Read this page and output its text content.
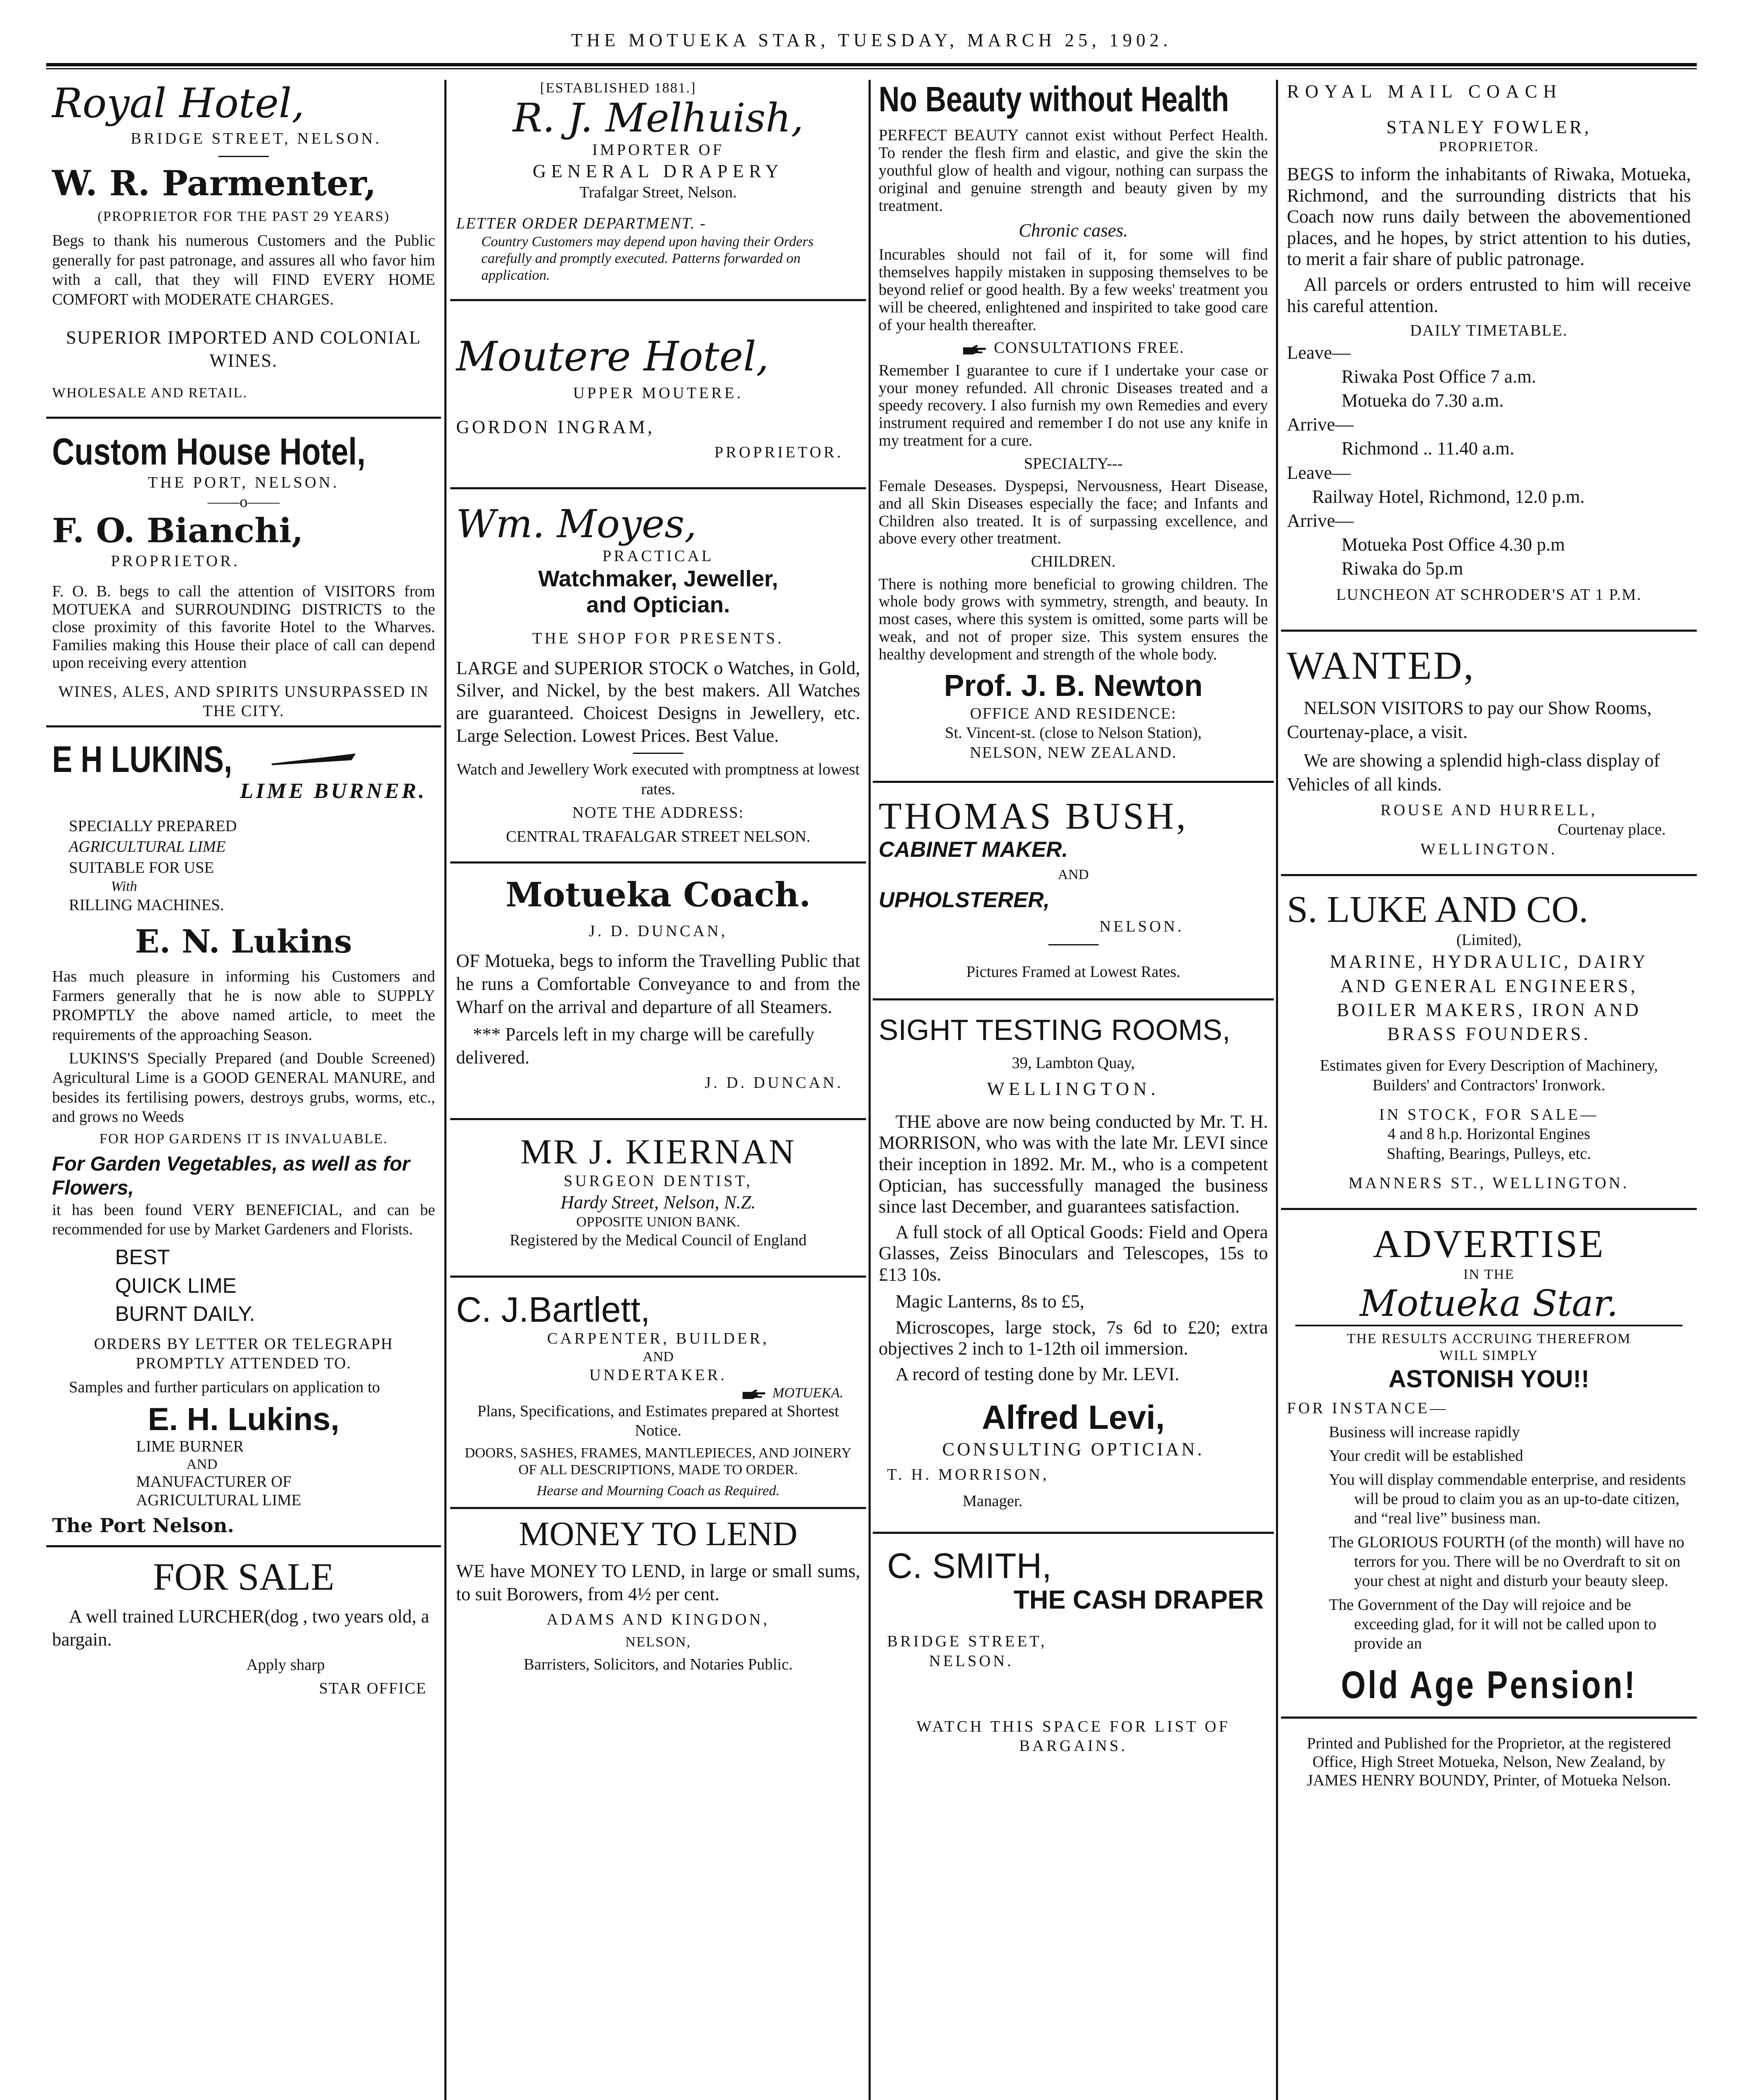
THE MOTUEKA STAR, TUESDAY, MARCH 25, 1902.
Royal Hotel,
BRIDGE STREET, NELSON.
W. R. Parmenter,
(PROPRIETOR FOR THE PAST 29 YEARS)

Begs to thank his numerous Customers and the Public generally for past patronage, and assures all who favor him with a call, that they will FIND EVERY HOME COMFORT with MODERATE CHARGES.

SUPERIOR IMPORTED AND COLONIAL WINES.

WHOLESALE AND RETAIL.

Custom House Hotel,
THE PORT, NELSON.
——o——
F. O. Bianchi,
PROPRIETOR.

F. O. B. begs to call the attention of VISITORS from MOTUEKA and SURROUNDING DISTRICTS to the close proximity of this favorite Hotel to the Wharves. Families making this House their place of call can depend upon receiving every attention

WINES, ALES, AND SPIRITS UNSURPASSED IN THE CITY.

E H LUKINS,
LIME BURNER.
SPECIALLY PREPARED
AGRICULTURAL LIME
SUITABLE FOR USE
With
RILLING MACHINES.
E. N. Lukins

Has much pleasure in informing his Customers and Farmers generally that he is now able to SUPPLY PROMPTLY the above named article, to meet the requirements of the approaching Season.

LUKINS'S Specially Prepared (and Double Screened) Agricultural Lime is a GOOD GENERAL MANURE, and besides its fertilising powers, destroys grubs, worms, etc., and grows no Weeds

FOR HOP GARDENS IT IS INVALUABLE.

For Garden Vegetables, as well as for Flowers,

it has been found VERY BENEFICIAL, and can be recommended for use by Market Gardeners and Florists.

BEST
QUICK LIME
BURNT DAILY.

ORDERS BY LETTER OR TELEGRAPH PROMPTLY ATTENDED TO.

Samples and further particulars on application to

E. H. Lukins,
LIME BURNER
AND
MANUFACTURER OF
AGRICULTURAL LIME
The Port Nelson.
FOR SALE

A well trained LURCHER(dog , two years old, a bargain.

Apply sharp

STAR OFFICE

[ESTABLISHED 1881.]
R. J. Melhuish,
IMPORTER OF
GENERAL DRAPERY
Trafalgar Street, Nelson.
LETTER ORDER DEPARTMENT. -
Country Customers may depend upon having their Orders carefully and promptly executed. Patterns forwarded on application.
Moutere Hotel,
UPPER MOUTERE.
GORDON INGRAM,
PROPRIETOR.
Wm. Moyes,
PRACTICAL
Watchmaker, Jeweller,
and Optician.
THE SHOP FOR PRESENTS.

LARGE and SUPERIOR STOCK o Watches, in Gold, Silver, and Nickel, by the best makers. All Watches are guaranteed. Choicest Designs in Jewellery, etc. Large Selection. Lowest Prices. Best Value.

Watch and Jewellery Work executed with promptness at lowest rates.

NOTE THE ADDRESS:

CENTRAL TRAFALGAR STREET NELSON.

Motueka Coach.
J. D. DUNCAN,

OF Motueka, begs to inform the Travelling Public that he runs a Comfortable Conveyance to and from the Wharf on the arrival and departure of all Steamers.

*** Parcels left in my charge will be carefully delivered.

J. D. DUNCAN.

MR J. KIERNAN
SURGEON DENTIST,
Hardy Street, Nelson, N.Z.
OPPOSITE UNION BANK.
Registered by the Medical Council of England
C. J.Bartlett,
CARPENTER, BUILDER,
AND
UNDERTAKER.
MOTUEKA.

Plans, Specifications, and Estimates prepared at Shortest Notice.

DOORS, SASHES, FRAMES, MANTLEPIECES, AND JOINERY OF ALL DESCRIPTIONS, MADE TO ORDER.

Hearse and Mourning Coach as Required.

MONEY TO LEND

WE have MONEY TO LEND, in large or small sums, to suit Borowers, from 4½ per cent.

ADAMS AND KINGDON,

NELSON,

Barristers, Solicitors, and Notaries Public.

No Beauty without Health

PERFECT BEAUTY cannot exist without Perfect Health. To render the flesh firm and elastic, and give the skin the youthful glow of health and vigour, nothing can surpass the original and genuine strength and beauty given by my treatment.

Chronic cases.

Incurables should not fail of it, for some will find themselves happily mistaken in supposing themselves to be beyond relief or good health. By a few weeks' treatment you will be cheered, enlightened and inspirited to take good care of your health thereafter.

CONSULTATIONS FREE.

Remember I guarantee to cure if I undertake your case or your money refunded. All chronic Diseases treated and a speedy recovery. I also furnish my own Remedies and every instrument required and remember I do not use any knife in my treatment for a cure.

SPECIALTY---

Female Deseases. Dyspepsi, Nervousness, Heart Disease, and all Skin Diseases especially the face; and Infants and Children also treated. It is of surpassing excellence, and above every other treatment.

CHILDREN.

There is nothing more beneficial to growing children. The whole body grows with symmetry, strength, and beauty. In most cases, where this system is omitted, some parts will be weak, and not of proper size. This system ensures the healthy development and strength of the whole body.

Prof. J. B. Newton
OFFICE AND RESIDENCE:
St. Vincent-st. (close to Nelson Station),
NELSON, NEW ZEALAND.
THOMAS BUSH,
CABINET MAKER.
AND
UPHOLSTERER,
NELSON.
Pictures Framed at Lowest Rates.
SIGHT TESTING ROOMS,
39, Lambton Quay,
WELLINGTON.

THE above are now being conducted by Mr. T. H. MORRISON, who was with the late Mr. LEVI since their inception in 1892. Mr. M., who is a competent Optician, has successfully managed the business since last December, and guarantees satisfaction.

A full stock of all Optical Goods: Field and Opera Glasses, Zeiss Binoculars and Telescopes, 15s to £13 10s.

Magic Lanterns, 8s to £5,

Microscopes, large stock, 7s 6d to £20; extra objectives 2 inch to 1-12th oil immersion.

A record of testing done by Mr. LEVI.

Alfred Levi,
CONSULTING OPTICIAN.
T. H. MORRISON,
Manager.
C. SMITH,
THE CASH DRAPER
BRIDGE STREET,
NELSON.
WATCH THIS SPACE FOR LIST OF BARGAINS.
ROYAL MAIL COACH
STANLEY FOWLER,
PROPRIETOR.

BEGS to inform the inhabitants of Riwaka, Motueka, Richmond, and the surrounding districts that his Coach now runs daily between the abovementioned places, and he hopes, by strict attention to his duties, to merit a fair share of public patronage.

All parcels or orders entrusted to him will receive his careful attention.

DAILY TIMETABLE.
Leave—
Riwaka Post Office 7 a.m.
Motueka do 7.30 a.m.
Arrive—
Richmond .. 11.40 a.m.
Leave—
Railway Hotel, Richmond, 12.0 p.m.
Arrive—
Motueka Post Office 4.30 p.m
Riwaka do 5p.m
LUNCHEON AT SCHRODER'S AT 1 P.M.
WANTED,

NELSON VISITORS to pay our Show Rooms, Courtenay-place, a visit.

We are showing a splendid high-class display of Vehicles of all kinds.

ROUSE AND HURRELL,
Courtenay place.
WELLINGTON.
S. LUKE AND CO.
(Limited),
MARINE, HYDRAULIC, DAIRY
AND GENERAL ENGINEERS,
BOILER MAKERS, IRON AND
BRASS FOUNDERS.
Estimates given for Every Description of Machinery,
Builders' and Contractors' Ironwork.
IN STOCK, FOR SALE—
4 and 8 h.p. Horizontal Engines
Shafting, Bearings, Pulleys, etc.
MANNERS ST., WELLINGTON.
ADVERTISE
IN THE
Motueka Star.
THE RESULTS ACCRUING THEREFROM
WILL SIMPLY
ASTONISH YOU!!
FOR INSTANCE—

Business will increase rapidly

Your credit will be established

You will display commendable enterprise, and residents will be proud to claim you as an up-to-date citizen, and “real live” business man.

The GLORIOUS FOURTH (of the month) will have no terrors for you. There will be no Overdraft to sit on your chest at night and disturb your beauty sleep.

The Government of the Day will rejoice and be exceeding glad, for it will not be called upon to provide an

Old Age Pension!

Printed and Published for the Proprietor, at the registered Office, High Street Motueka, Nelson, New Zealand, by JAMES HENRY BOUNDY, Printer, of Motueka Nelson.
